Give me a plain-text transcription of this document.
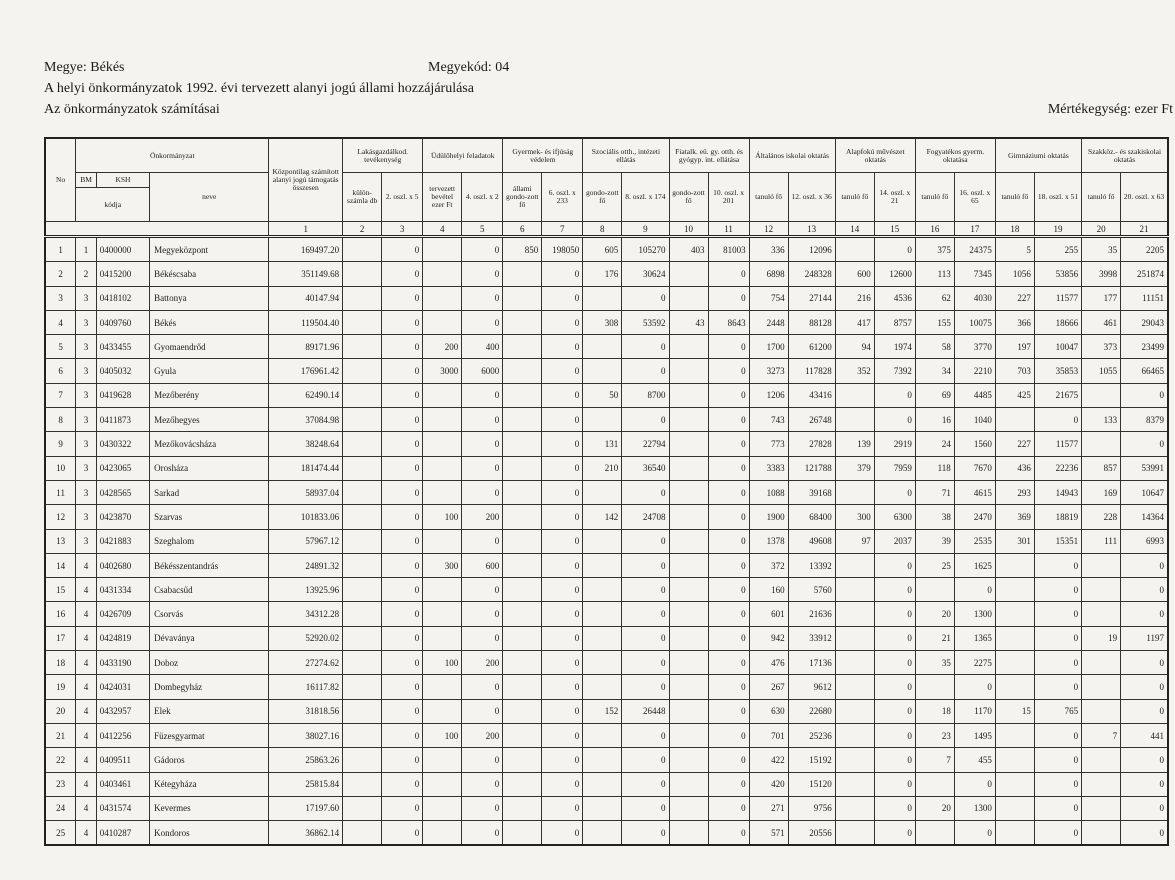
Megye: Békés	Megyekód: 04
A helyi önkormányzatok 1992. évi tervezett alanyi jogú állami hozzájárulása
Az önkormányzatok számításai	Mértékegység: ezer Ft
No	Önkormányzat			Központilag számított alanyi jogú támogatás összesen	Lakásgazdálkod. tevékenység		Üdülőhelyi feladatok		Gyermek- és ifjúság védelem		Szociális otth., intézeti ellátás		Fiatalk. eü. gy. otth. és gyógyp. int. ellátása		Általános iskolai oktatás		Alapfokú művészet oktatás		Fogyatékos gyerm. oktatása		Gimnáziumi oktatás		Szakköz.- és szakiskolai oktatás	
	BM	KSH	neve		külön-számla db	2. oszl. x 5	tervezett bevétel ezer Ft	4. oszl. x 2	állami gondo-zott fő	6. oszl. x 233	gondo-zott fő	8. oszl. x 174	gondo-zott fő	10. oszl. x 201	tanuló fő	12. oszl. x 36	tanuló fő	14. oszl. x 21	tanuló fő	16. oszl. x 65	tanuló fő	18. oszl. x 51	tanuló fő	20. oszl. x 63
	kódja																							
				1	2	3	4	5	6	7	8	9	10	11	12	13	14	15	16	17	18	19	20	21
1	1	0400000	Megyeközpont	169497.20		0		0	850	198050	605	105270	403	81003	336	12096		0	375	24375	5	255	35	2205
2	2	0415200	Békéscsaba	351149.68		0		0		0	176	30624		0	6898	248328	600	12600	113	7345	1056	53856	3998	251874
3	3	0418102	Battonya	40147.94		0		0		0		0		0	754	27144	216	4536	62	4030	227	11577	177	11151
4	3	0409760	Békés	119504.40		0		0		0	308	53592	43	8643	2448	88128	417	8757	155	10075	366	18666	461	29043
5	3	0433455	Gyomaendrőd	89171.96		0	200	400		0		0		0	1700	61200	94	1974	58	3770	197	10047	373	23499
6	3	0405032	Gyula	176961.42		0	3000	6000		0		0		0	3273	117828	352	7392	34	2210	703	35853	1055	66465
7	3	0419628	Mezőberény	62490.14		0		0		0	50	8700		0	1206	43416		0	69	4485	425	21675		0
8	3	0411873	Mezőhegyes	37084.98		0		0		0		0		0	743	26748		0	16	1040		0	133	8379
9	3	0430322	Mezőkovácsháza	38248.64		0		0		0	131	22794		0	773	27828	139	2919	24	1560	227	11577		0
10	3	0423065	Orosháza	181474.44		0		0		0	210	36540		0	3383	121788	379	7959	118	7670	436	22236	857	53991
11	3	0428565	Sarkad	58937.04		0		0		0		0		0	1088	39168		0	71	4615	293	14943	169	10647
12	3	0423870	Szarvas	101833.06		0	100	200		0	142	24708		0	1900	68400	300	6300	38	2470	369	18819	228	14364
13	3	0421883	Szeghalom	57967.12		0		0		0		0		0	1378	49608	97	2037	39	2535	301	15351	111	6993
14	4	0402680	Békésszentandrás	24891.32		0	300	600		0		0		0	372	13392		0	25	1625		0		0
15	4	0431334	Csabacsűd	13925.96		0		0		0		0		0	160	5760		0		0		0		0
16	4	0426709	Csorvás	34312.28		0		0		0		0		0	601	21636		0	20	1300		0		0
17	4	0424819	Dévaványa	52920.02		0		0		0		0		0	942	33912		0	21	1365		0	19	1197
18	4	0433190	Doboz	27274.62		0	100	200		0		0		0	476	17136		0	35	2275		0		0
19	4	0424031	Dombegyház	16117.82		0		0		0		0		0	267	9612		0		0		0		0
20	4	0432957	Elek	31818.56		0		0		0	152	26448		0	630	22680		0	18	1170	15	765		0
21	4	0412256	Füzesgyarmat	38027.16		0	100	200		0		0		0	701	25236		0	23	1495		0	7	441
22	4	0409511	Gádoros	25863.26		0		0		0		0		0	422	15192		0	7	455		0		0
23	4	0403461	Kétegyháza	25815.84		0		0		0		0		0	420	15120		0		0		0		0
24	4	0431574	Kevermes	17197.60		0		0		0		0		0	271	9756		0	20	1300		0		0
25	4	0410287	Kondoros	36862.14		0		0		0		0		0	571	20556		0		0		0		0
